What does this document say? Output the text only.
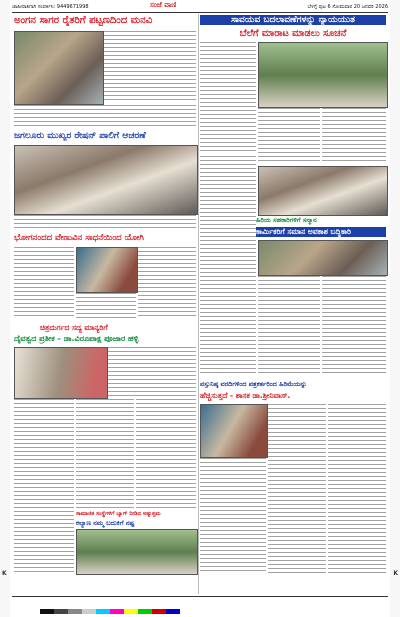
ಜಾಹೀರಾತಿಗಾಗಿ ಸಂಪರ್ಕಿಸಿ: 9449671998	ಸಂಜೆ ವಾಣಿ	ಬೆಳಗ್ಗೆ ಪುಟ 6 ಸೋಮವಾರ 20 ಜನವರಿ 2026
ಅಂಗನ ಸಾಗರ ರೈತರಿಗೆ ಪಟ್ಟಣದಿಂದ ಮನವಿ
ಜಗಲೂರು ಮುಖ್ಯರ ರೇಷನ್ ಪಾಲಿಗೆ ಆಚರಣೆ
ಭೋಗನಂದದ ವೇಣುವಿನ ಸಾಧನೆಯಿಂದ ಯೋಗಿ
ಚಿತ್ರದುರ್ಗದ ಸದ್ಯ ಮಾನ್ಯರಿಗೆ
ದೈವತ್ವದ ಪ್ರತೀಕ - ಡಾ.ವಿರೂಪಾಕ್ಷ ಪೂಜಾರ ಹಳ್ಳಿ
ಸಾಮಾಜಿಕ ಸಂಸ್ಥೆಗಳಿಗೆ ಬ್ಯಾಗ್ ನೀಡಿದ ಅತ್ಯುತ್ತಮ
ಕಲ್ಯಾಣ ನಮ್ಮ ಬದುಕಿಗೆ ನಷ್ಟ
ಸಾವಯವ ಬದಲಾವಣೆಗಳನ್ನು ನ್ಯಾಯಯುತ
ಬೆಲೆಗೆ ಮಾರಾಟ ಮಾಡಲು ಸೂಚನೆ
ಹಿರಿಯ ಸಹಕಾರಿಗಳಿಗೆ ಸನ್ಮಾನ
ಕಾರ್ಮಿಕರಿಗೆ ಸಮಾನ ಅವಕಾಶ ಬದ್ಧಿಕಾರಿ
ವಸ್ತುನಿಷ್ಠ ವರದಿಗಳಿಂದ ಪತ್ರಕರ್ತರಿಂದ ಹಿರಿಮೆಯನ್ನು
ಹೆಚ್ಚಿಸುತ್ತದೆ - ಶಾಸಕ ಡಾ.ಶ್ರೀನಿವಾಸ್.
K	K
